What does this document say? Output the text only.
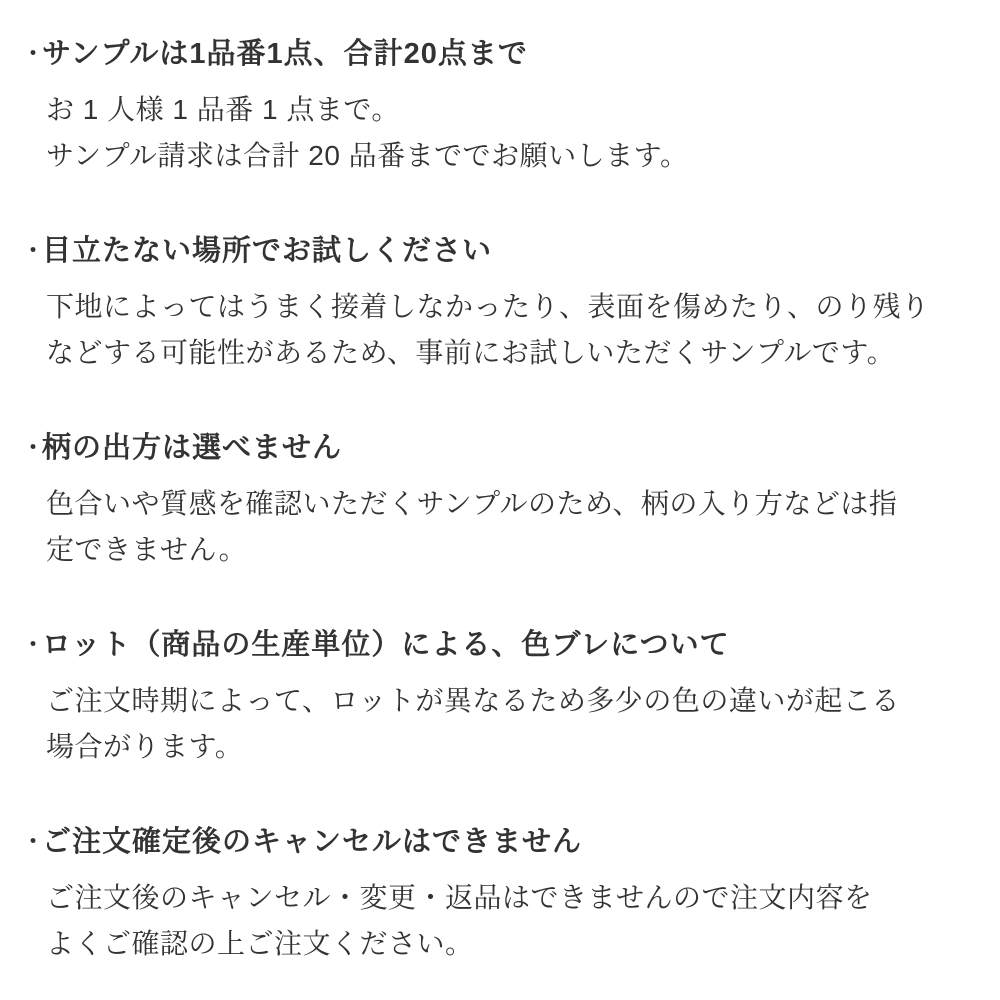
・
サンプルは1品番1点、合計20点まで

お 1 人様 1 品番 1 点まで。

サンプル請求は合計 20 品番まででお願いします。

・
目立たない場所でお試しください

下地によってはうまく接着しなかったり、表面を傷めたり、のり残り

などする可能性があるため、事前にお試しいただくサンプルです。

・
柄の出方は選べません

色合いや質感を確認いただくサンプルのため、柄の入り方などは指

定できません。

・
ロット（商品の生産単位）による、色ブレについて

ご注文時期によって、ロットが異なるため多少の色の違いが起こる

場合がります。

・
ご注文確定後のキャンセルはできません

ご注文後のキャンセル・変更・返品はできませんので注文内容を

よくご確認の上ご注文ください。
